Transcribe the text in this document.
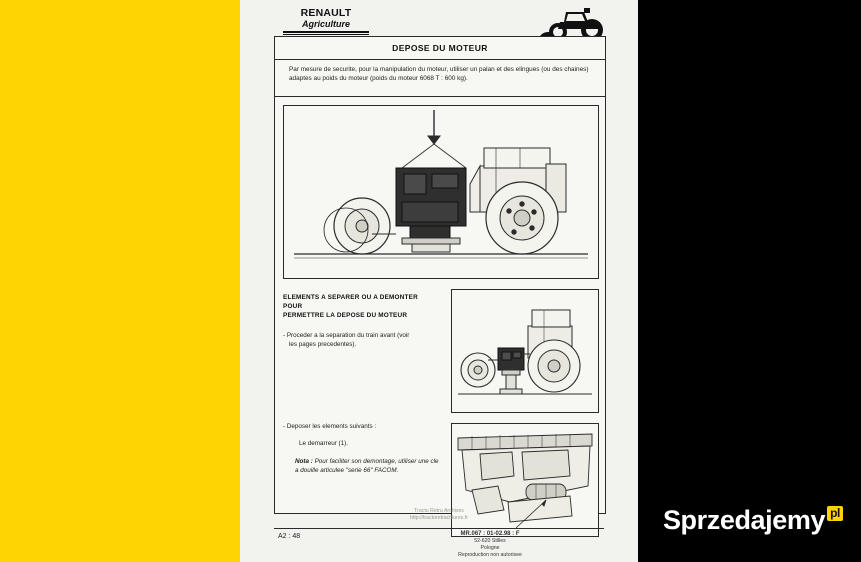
RENAULT
Agriculture
DEPOSE DU MOTEUR
Par mesure de securite, pour la manipulation du moteur, utiliser un palan et des elingues (ou des chaines) adaptes au poids du moteur (poids du moteur 6068 T : 600 kg).
ELEMENTS A SEPARER OU A DEMONTER POUR
PERMETTRE LA DEPOSE DU MOTEUR
- Proceder a la separation du train avant (voir
les pages precedentes).
- Deposer les elements suivants :
Le demarreur (1).
Nota : Pour faciliter son demontage, utiliser une cle a douille articulee "serie 66" FACOM.
Tractu Retru Archives
http://tractoretractitures.fr
A2 : 48	MR.067 : 01-02.98 : F
52-620 Stilles
Pologne
Reproduction non autorisee
Sprzedajemy pl
